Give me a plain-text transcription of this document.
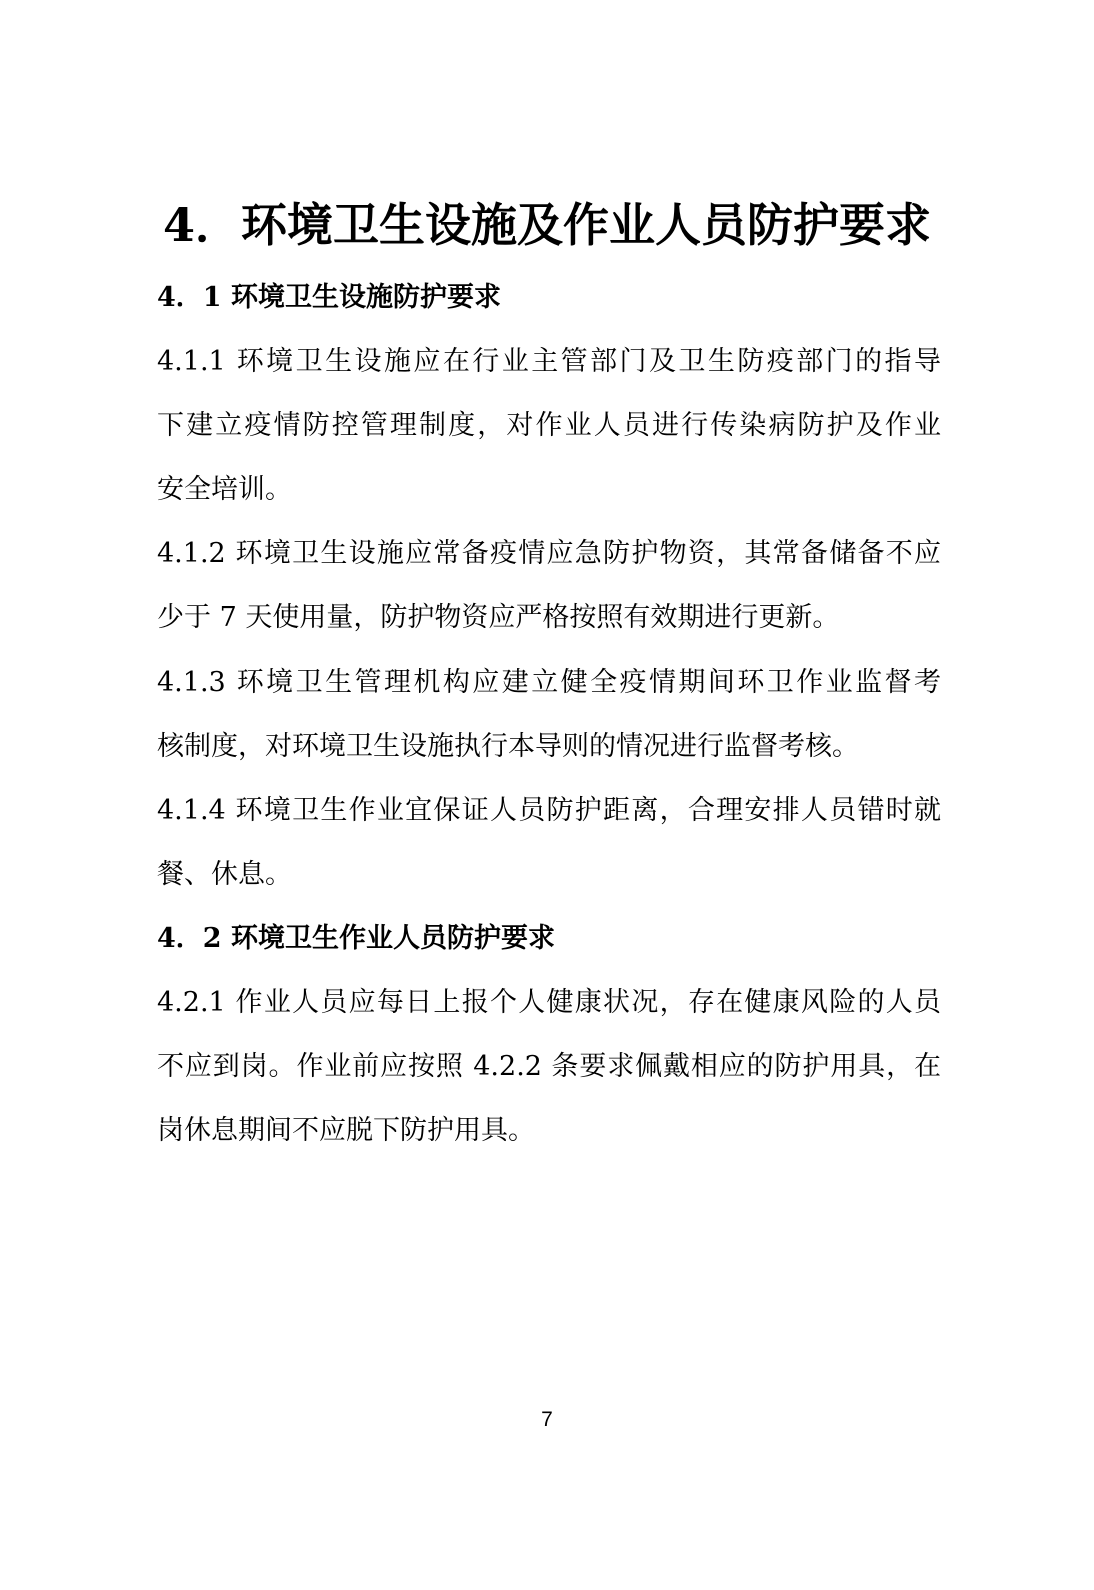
4．环境卫生设施及作业人员防护要求
4．1 环境卫生设施防护要求
4.1.1 环境卫生设施应在行业主管部门及卫生防疫部门的指导
下建立疫情防控管理制度，对作业人员进行传染病防护及作业
安全培训。
4.1.2 环境卫生设施应常备疫情应急防护物资，其常备储备不应
少于 7 天使用量，防护物资应严格按照有效期进行更新。
4.1.3 环境卫生管理机构应建立健全疫情期间环卫作业监督考
核制度，对环境卫生设施执行本导则的情况进行监督考核。
4.1.4 环境卫生作业宜保证人员防护距离，合理安排人员错时就
餐、休息。
4．2 环境卫生作业人员防护要求
4.2.1 作业人员应每日上报个人健康状况，存在健康风险的人员
不应到岗。作业前应按照 4.2.2 条要求佩戴相应的防护用具，在
岗休息期间不应脱下防护用具。
7
